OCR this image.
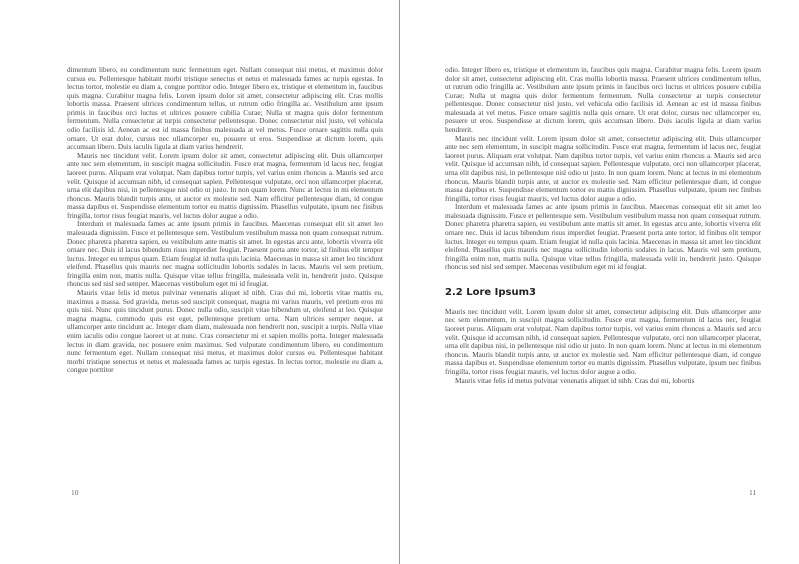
dimentum libero, eu condimentum nunc fermentum eget. Nullam consequat nisi metus, et maximus dolor cursus eu. Pellentesque habitant morbi tristique senectus et netus et malesuada fames ac turpis egestas. In lectus tortor, molestie eu diam a, congue porttitor odio. Integer libero ex, tristique et elementum in, faucibus quis magna. Curabitur magna felis. Lorem ipsum dolor sit amet, consectetur adipiscing elit. Cras mollis lobortis massa. Praesent ultrices condimentum tellus, ut rutrum odio fringilla ac. Vestibulum ante ipsum primis in faucibus orci luctus et ultrices posuere cubilia Curae; Nulla ut magna quis dolor fermentum fermentum. Nulla consectetur at turpis consectetur pellentesque. Donec consectetur nisl justo, vel vehicula odio facilisis id. Aenean ac est id massa finibus malesuada at vel metus. Fusce ornare sagittis nulla quis ornare. Ut erat dolor, cursus nec ullamcorper eu, posuere ut eros. Suspendisse at dictum lorem, quis accumsan libero. Duis iaculis ligula at diam varius hendrerit.

Mauris nec tincidunt velit. Lorem ipsum dolor sit amet, consectetur adipiscing elit. Duis ullamcorper ante nec sem elementum, in suscipit magna sollicitudin. Fusce erat magna, fermentum id lacus nec, feugiat laoreet purus. Aliquam erat volutpat. Nam dapibus tortor turpis, vel varius enim rhoncus a. Mauris sed arcu velit. Quisque id accumsan nibh, id consequat sapien. Pellentesque vulputate, orci non ullamcorper placerat, urna elit dapibus nisi, in pellentesque nisl odio ut justo. In non quam lorem. Nunc at lectus in mi elementum rhoncus. Mauris blandit turpis ante, ut auctor ex molestie sed. Nam efficitur pellentesque diam, id congue massa dapibus et. Suspendisse elementum tortor eu mattis dignissim. Phasellus vulputate, ipsum nec finibus fringilla, tortor risus feugiat mauris, vel luctus dolor augue a odio.

Interdum et malesuada fames ac ante ipsum primis in faucibus. Maecenas consequat elit sit amet leo malesuada dignissim. Fusce et pellentesque sem. Vestibulum vestibulum massa non quam consequat rutrum. Donec pharetra pharetra sapien, eu vestibulum ante mattis sit amet. In egestas arcu ante, lobortis viverra elit ornare nec. Duis id lacus bibendum risus imperdiet feugiat. Praesent porta ante tortor, id finibus elit tempor luctus. Integer eu tempus quam. Etiam feugiat id nulla quis lacinia. Maecenas in massa sit amet leo tincidunt eleifend. Phasellus quis mauris nec magna sollicitudin lobortis sodales in lacus. Mauris vel sem pretium, fringilla enim non, mattis nulla. Quisque vitae tellus fringilla, malesuada velit in, hendrerit justo. Quisque rhoncus sed nisl sed semper. Maecenas vestibulum eget mi id feugiat.

Mauris vitae felis id metus pulvinar venenatis aliquet id nibh. Cras dui mi, lobortis vitae mattis eu, maximus a massa. Sed gravida, metus sed suscipit consequat, magna mi varius mauris, vel pretium eros mi quis nisi. Nunc quis tincidunt purus. Donec nulla odio, suscipit vitae bibendum ut, eleifend at leo. Quisque magna magna, commodo quis est eget, pellentesque pretium urna. Nam ultrices semper neque, at ullamcorper ante tincidunt ac. Integer diam diam, malesuada non hendrerit non, suscipit a turpis. Nulla vitae enim iaculis odio congue laoreet ut at nunc. Cras consectetur mi et sapien mollis porta. Integer malesuada lectus in diam gravida, nec posuere enim maximus. Sed vulputate condimentum libero, eu condimentum nunc fermentum eget. Nullam consequat nisi metus, et maximus dolor cursus eu. Pellentesque habitant morbi tristique senectus et netus et malesuada fames ac turpis egestas. In lectus tortor, molestie eu diam a, congue porttitor

10

odio. Integer libero ex, tristique et elementum in, faucibus quis magna. Curabitur magna felis. Lorem ipsum dolor sit amet, consectetur adipiscing elit. Cras mollis lobortis massa. Praesent ultrices condimentum tellus, ut rutrum odio fringilla ac. Vestibulum ante ipsum primis in faucibus orci luctus et ultrices posuere cubilia Curae; Nulla ut magna quis dolor fermentum fermentum. Nulla consectetur at turpis consectetur pellentesque. Donec consectetur nisl justo, vel vehicula odio facilisis id. Aenean ac est id massa finibus malesuada at vel metus. Fusce ornare sagittis nulla quis ornare. Ut erat dolor, cursus nec ullamcorper eu, posuere ut eros. Suspendisse at dictum lorem, quis accumsan libero. Duis iaculis ligula at diam varius hendrerit.

Mauris nec tincidunt velit. Lorem ipsum dolor sit amet, consectetur adipiscing elit. Duis ullamcorper ante nec sem elementum, in suscipit magna sollicitudin. Fusce erat magna, fermentum id lacus nec, feugiat laoreet purus. Aliquam erat volutpat. Nam dapibus tortor turpis, vel varius enim rhoncus a. Mauris sed arcu velit. Quisque id accumsan nibh, id consequat sapien. Pellentesque vulputate, orci non ullamcorper placerat, urna elit dapibus nisi, in pellentesque nisl odio ut justo. In non quam lorem. Nunc at lectus in mi elementum rhoncus. Mauris blandit turpis ante, ut auctor ex molestie sed. Nam efficitur pellentesque diam, id congue massa dapibus et. Suspendisse elementum tortor eu mattis dignissim. Phasellus vulputate, ipsum nec finibus fringilla, tortor risus feugiat mauris, vel luctus dolor augue a odio.

Interdum et malesuada fames ac ante ipsum primis in faucibus. Maecenas consequat elit sit amet leo malesuada dignissim. Fusce et pellentesque sem. Vestibulum vestibulum massa non quam consequat rutrum. Donec pharetra pharetra sapien, eu vestibulum ante mattis sit amet. In egestas arcu ante, lobortis viverra elit ornare nec. Duis id lacus bibendum risus imperdiet feugiat. Praesent porta ante tortor, id finibus elit tempor luctus. Integer eu tempus quam. Etiam feugiat id nulla quis lacinia. Maecenas in massa sit amet leo tincidunt eleifend. Phasellus quis mauris nec magna sollicitudin lobortis sodales in lacus. Mauris vel sem pretium, fringilla enim non, mattis nulla. Quisque vitae tellus fringilla, malesuada velit in, hendrerit justo. Quisque rhoncus sed nisl sed semper. Maecenas vestibulum eget mi id feugiat.

2.2 Lore Ipsum3

Mauris nec tincidunt velit. Lorem ipsum dolor sit amet, consectetur adipiscing elit. Duis ullamcorper ante nec sem elementum, in suscipit magna sollicitudin. Fusce erat magna, fermentum id lacus nec, feugiat laoreet purus. Aliquam erat volutpat. Nam dapibus tortor turpis, vel varius enim rhoncus a. Mauris sed arcu velit. Quisque id accumsan nibh, id consequat sapien. Pellentesque vulputate, orci non ullamcorper placerat, urna elit dapibus nisi, in pellentesque nisl odio ut justo. In non quam lorem. Nunc at lectus in mi elementum rhoncus. Mauris blandit turpis ante, ut auctor ex molestie sed. Nam efficitur pellentesque diam, id congue massa dapibus et. Suspendisse elementum tortor eu mattis dignissim. Phasellus vulputate, ipsum nec finibus fringilla, tortor risus feugiat mauris, vel luctus dolor augue a odio.

Mauris vitae felis id metus pulvinar venenatis aliquet id nibh. Cras dui mi, lobortis

11
